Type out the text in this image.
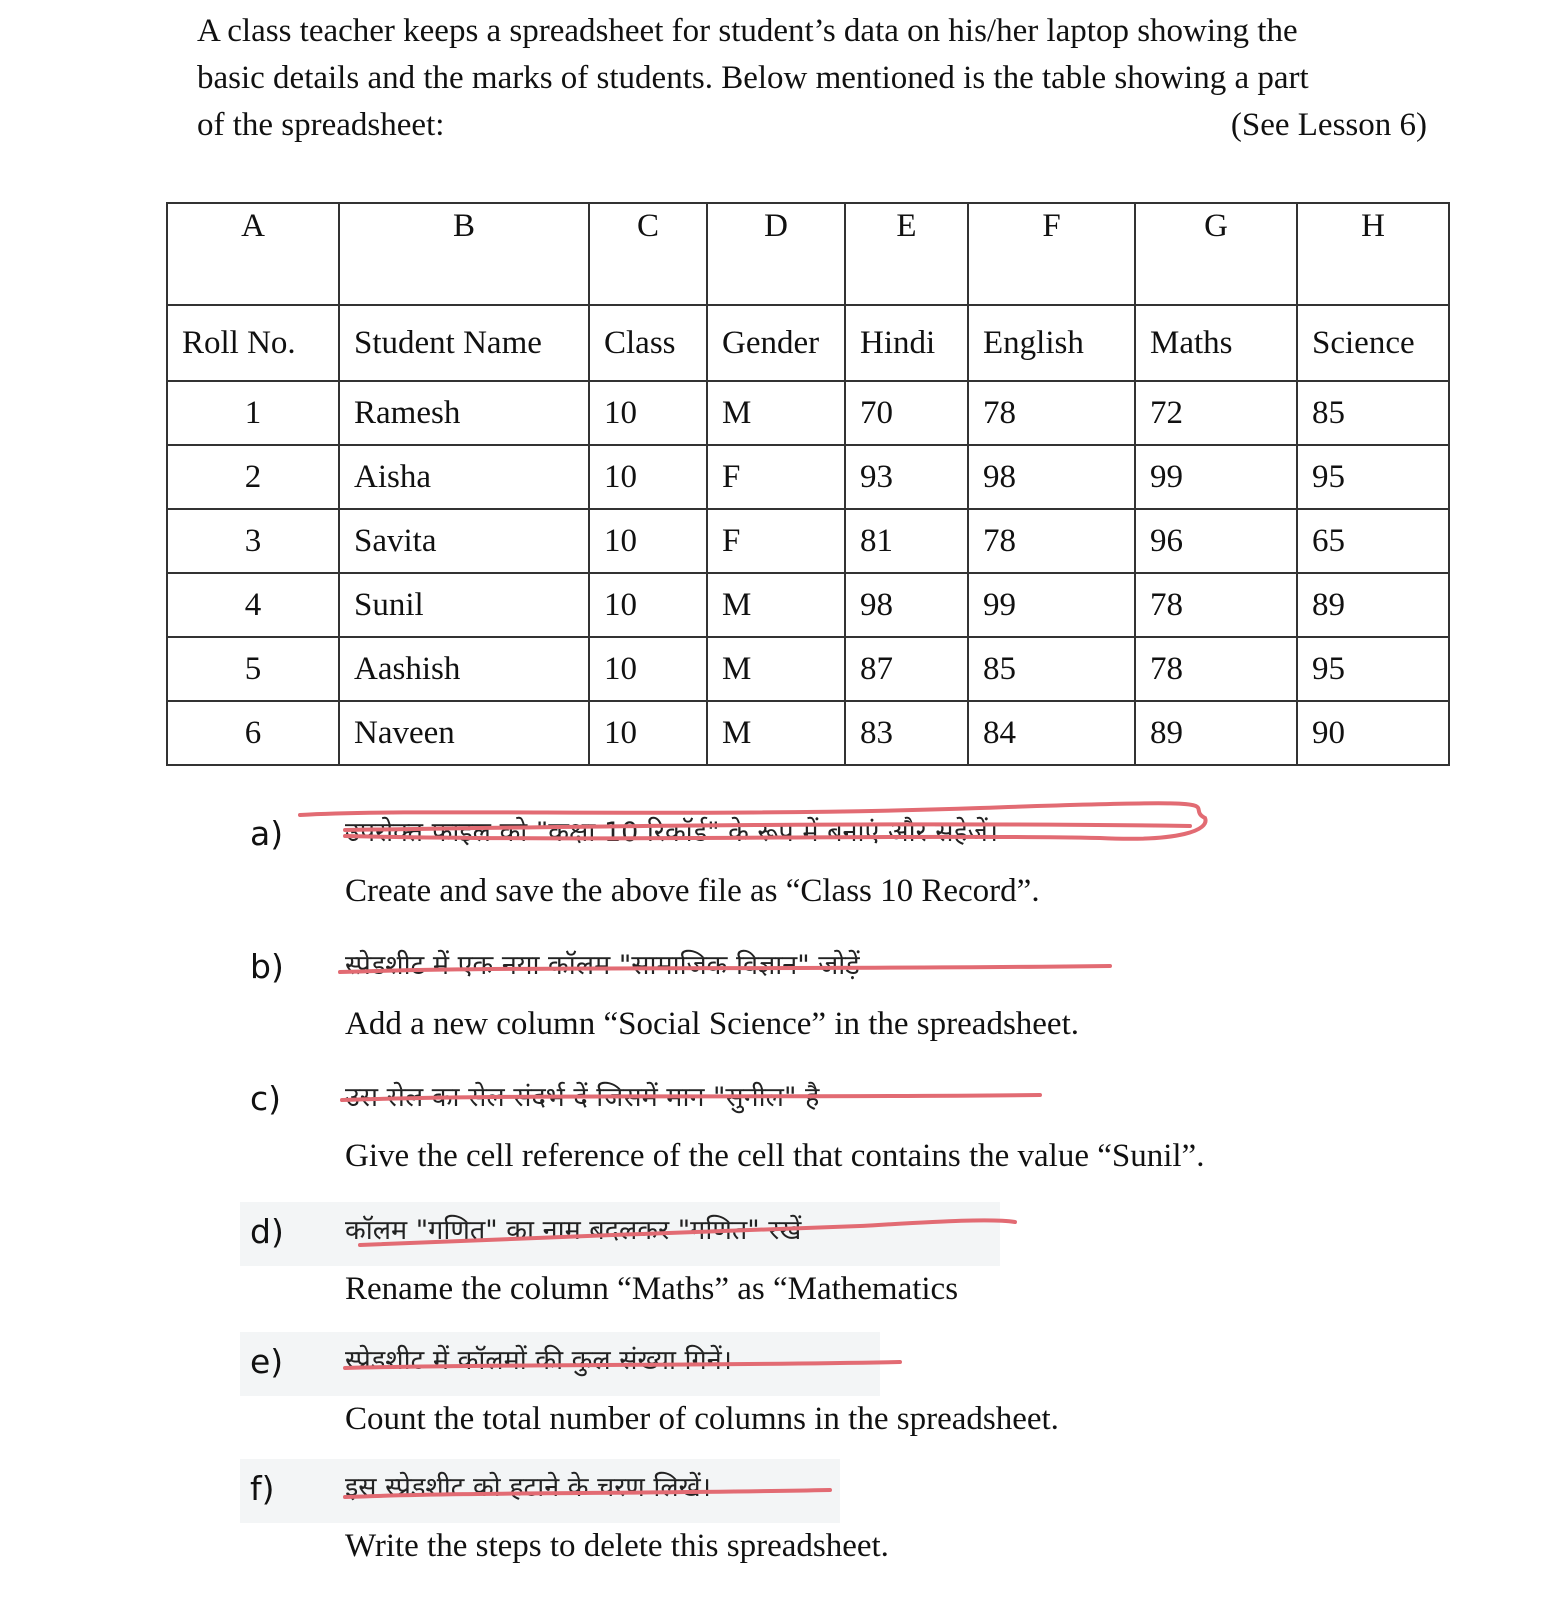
A class teacher keeps a spreadsheet for student’s data on his/her laptop showing the

basic details and the marks of students. Below mentioned is the table showing a part

of the spreadsheet:	(See Lesson 6)

A	B	C	D	E	F	G	H
Roll No.	Student Name	Class	Gender	Hindi	English	Maths	Science
1	Ramesh	10	M	70	78	72	85
2	Aisha	10	F	93	98	99	95
3	Savita	10	F	81	78	96	65
4	Sunil	10	M	98	99	78	89
5	Aashish	10	M	87	85	78	95
6	Naveen	10	M	83	84	89	90
a) उपरोक्त फाइल को "कक्षा 10 रिकॉर्ड" के रूप में बनाएं और सहेजें।
Create and save the above file as “Class 10 Record”.
b) स्प्रेडशीट में एक नया कॉलम "सामाजिक विज्ञान" जोड़ें
Add a new column “Social Science” in the spreadsheet.
c) उस सेल का सेल संदर्भ दें जिसमें मान "सुनील" है
Give the cell reference of the cell that contains the value “Sunil”.
d) कॉलम "गणित" का नाम बदलकर "गणित" रखें
Rename the column “Maths” as “Mathematics
e) स्प्रेडशीट में कॉलमों की कुल संख्या गिनें।
Count the total number of columns in the spreadsheet.
f)	इस स्प्रेडशीट को हटाने के चरण लिखें।
Write the steps to delete this spreadsheet.
